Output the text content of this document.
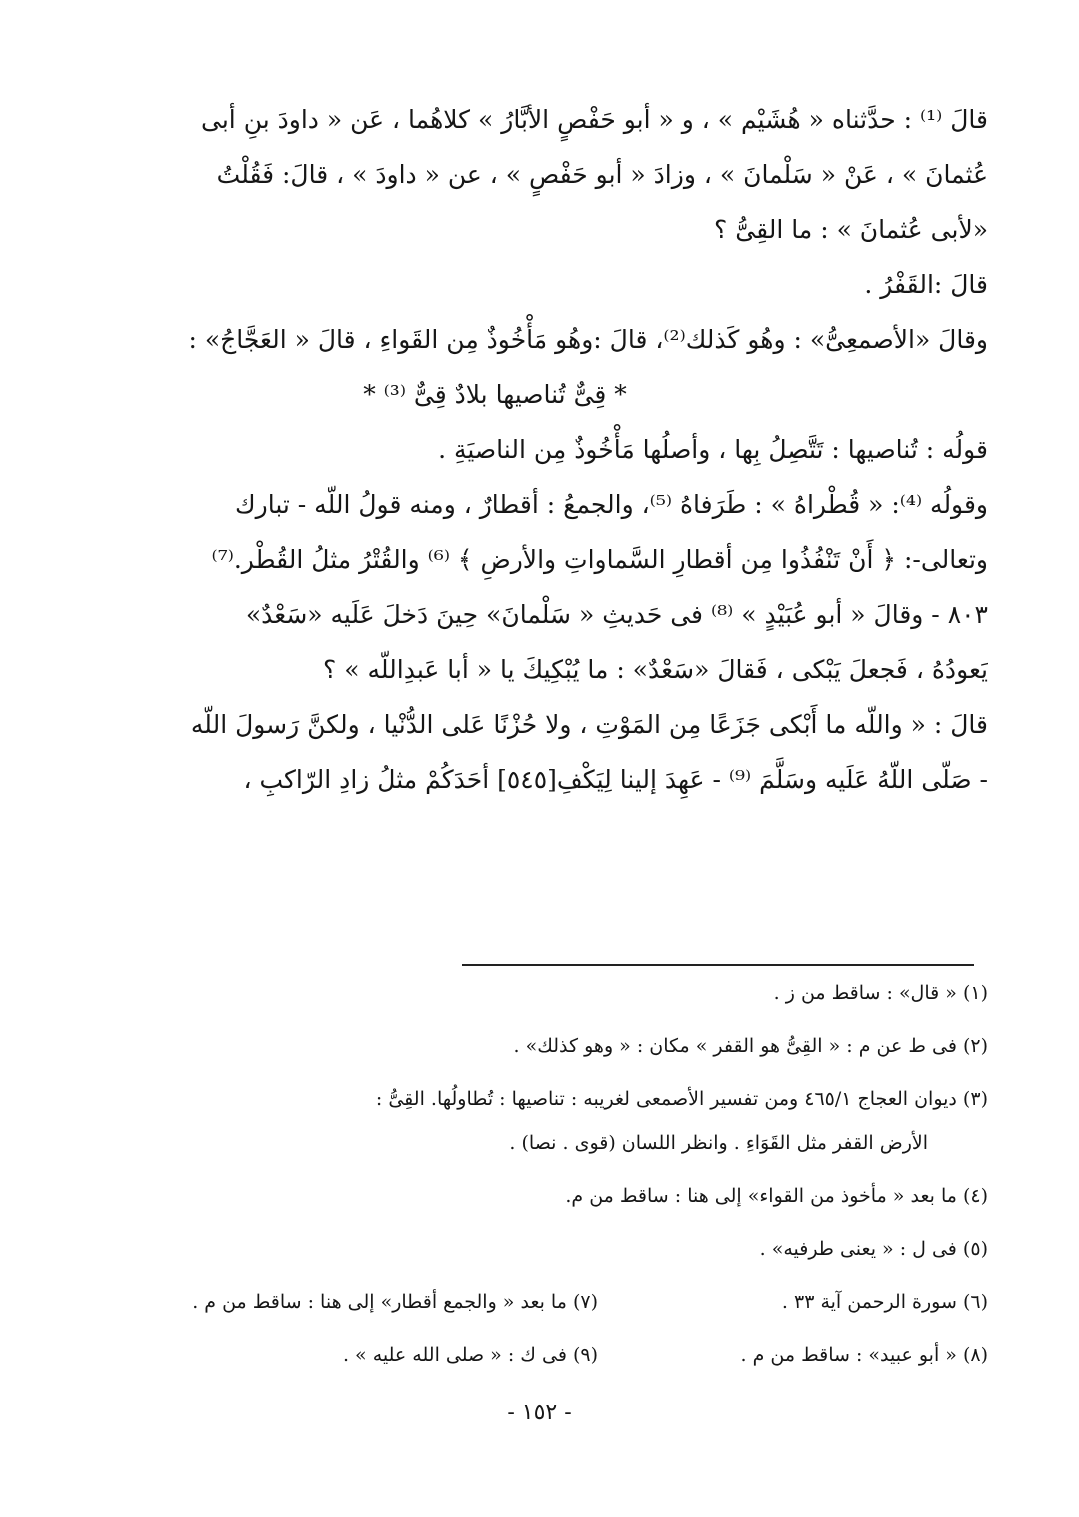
قالَ ⁽¹⁾ : حدَّثناه « هُشَيْم » ، و « أبو حَفْصٍ الأبَّارُ » كلاهُما ، عَن « داودَ بنِ أبى
عُثمانَ » ، عَنْ « سَلْمانَ » ، وزادَ « أبو حَفْصٍ » ، عن « داودَ » ، قالَ: فَقُلْتُ
«لأبى عُثمانَ » : ما القِىُّ ؟
قالَ :القَفْرُ .
وقالَ «الأصمعِىُّ» : وهُو كَذلك⁽²⁾، قالَ :وهُو مَأْخُوذٌ مِن القَواءِ ، قالَ « العَجَّاجُ» :
* قِىٌّ تُناصيها بلادٌ قِىٌّ ⁽³⁾ *
قولُه : تُناصيها : تَتَّصِلُ بِها ، وأصلُها مَأْخُوذٌ مِن الناصيَةِ .
وقولُه ⁽⁴⁾: « قُطْراهُ » : طَرَفاهُ ⁽⁵⁾، والجمعُ : أقطارٌ ، ومنه قولُ اللّه - تبارك
وتعالى-: ﴿ أَنْ تَنْفُذُوا مِن أقطارِ السَّماواتِ والأرضِ ﴾ ⁽⁶⁾ والقُتْرُ مثلُ القُطْر.⁽⁷⁾
٨٠٣ - وقالَ « أبو عُبَيْدٍ » ⁽⁸⁾ فى حَديثِ « سَلْمانَ» حِينَ دَخلَ عَلَيه «سَعْدٌ»
يَعودُهُ ، فَجعلَ يَبْكى ، فَقالَ «سَعْدٌ» : ما يُبْكِيكَ يا « أبا عَبدِاللّه » ؟
قالَ : « واللّه ما أَبْكى جَزَعًا مِن المَوْتِ ، ولا حُزْنًا عَلى الدُّنْيا ، ولكنَّ رَسولَ اللّه
- صَلّى اللّهُ عَلَيه وسَلَّمَ ⁽⁹⁾ - عَهِدَ إلينا لِيَكْفِ[٥٤٥] أحَدَكُمْ مثلُ زادِ الرّاكبِ ،
(١) « قال» : ساقط من ز .
(٢) فى ط عن م : « القِىُّ هو القفر » مكان : « وهو كذلك» .
(٣) ديوان العجاج ٤٦٥/١ ومن تفسير الأصمعى لغريبه : تناصيها : تُطاولُها. القِىُّ :
الأرض القفر مثل القَوَاءِ . وانظر اللسان (قوى . نصا) .
(٤) ما بعد « مأخوذ من القواء» إلى هنا : ساقط من م.
(٥) فى ل : « يعنى طرفيه» .
(٦) سورة الرحمن آية ٣٣ .
(٧) ما بعد « والجمع أقطار» إلى هنا : ساقط من م .
(٨) « أبو عبيد» : ساقط من م .
(٩) فى ك : « صلى الله عليه » .
- ١٥٢ -
